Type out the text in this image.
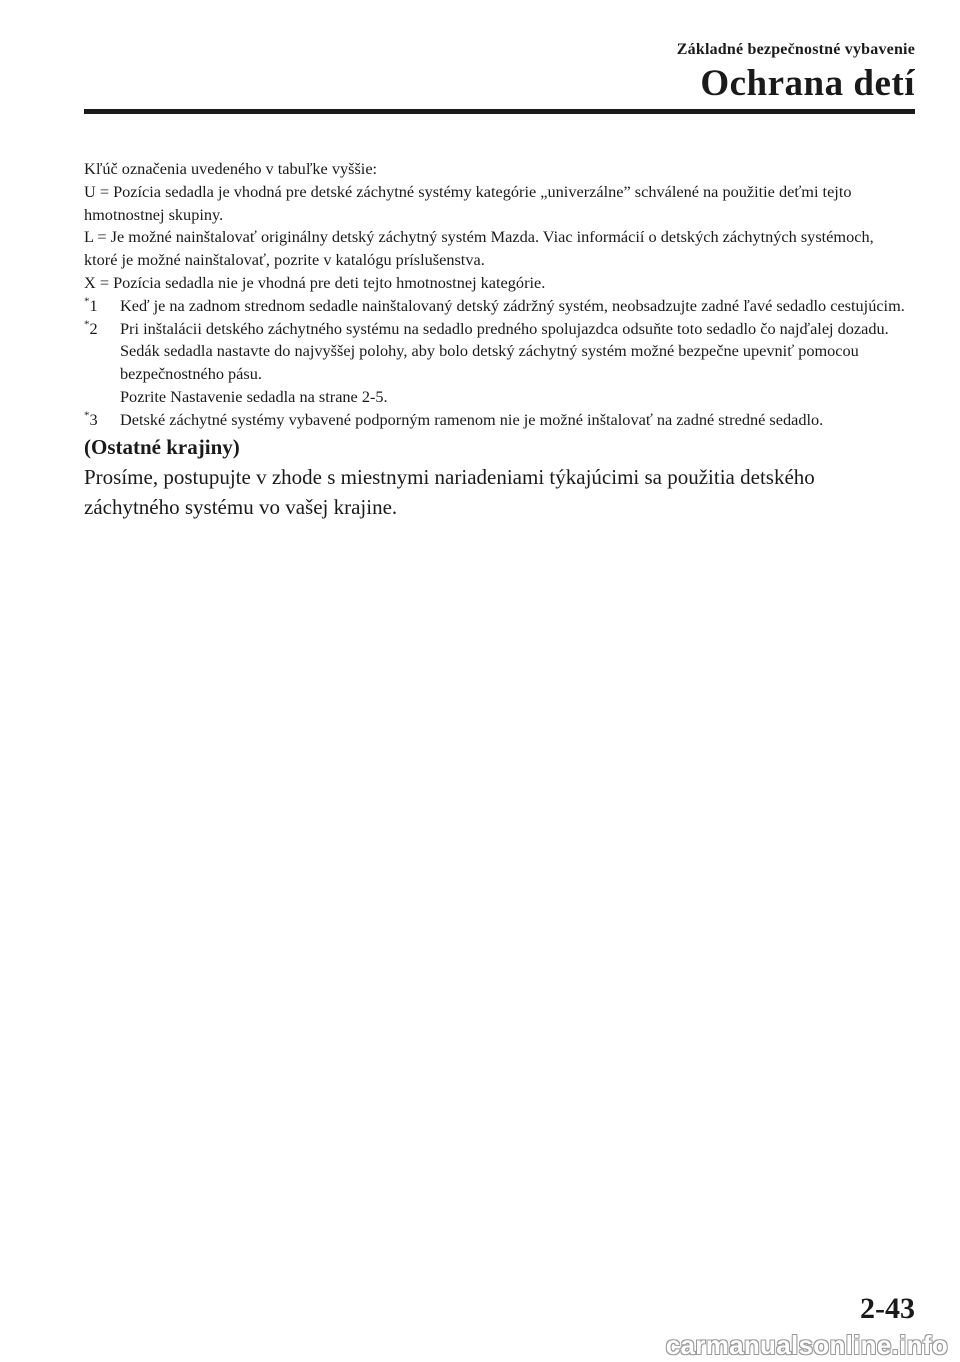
Základné bezpečnostné vybavenie
Ochrana detí

Kľúč označenia uvedeného v tabuľke vyššie:

U = Pozícia sedadla je vhodná pre detské záchytné systémy kategórie „univerzálne” schválené na použitie deťmi tejto hmotnostnej skupiny.

L = Je možné nainštalovať originálny detský záchytný systém Mazda. Viac informácií o detských záchytných systémoch, ktoré je možné nainštalovať, pozrite v katalógu príslušenstva.

X = Pozícia sedadla nie je vhodná pre deti tejto hmotnostnej kategórie.

*1	Keď je na zadnom strednom sedadle nainštalovaný detský zádržný systém, neobsadzujte zadné ľavé sedadlo cestujúcim.
*2	Pri inštalácii detského záchytného systému na sedadlo predného spolujazdca odsuňte toto sedadlo čo najďalej dozadu. Sedák sedadla nastavte do najvyššej polohy, aby bolo detský záchytný systém možné bezpečne upevniť pomocou bezpečnostného pásu.
Pozrite Nastavenie sedadla na strane 2-5.
*3	Detské záchytné systémy vybavené podporným ramenom nie je možné inštalovať na zadné stredné sedadlo.
(Ostatné krajiny)
Prosíme, postupujte v zhode s miestnymi nariadeniami týkajúcimi sa použitia detského záchytného systému vo vašej krajine.
2-43
carmanualsonline.info
